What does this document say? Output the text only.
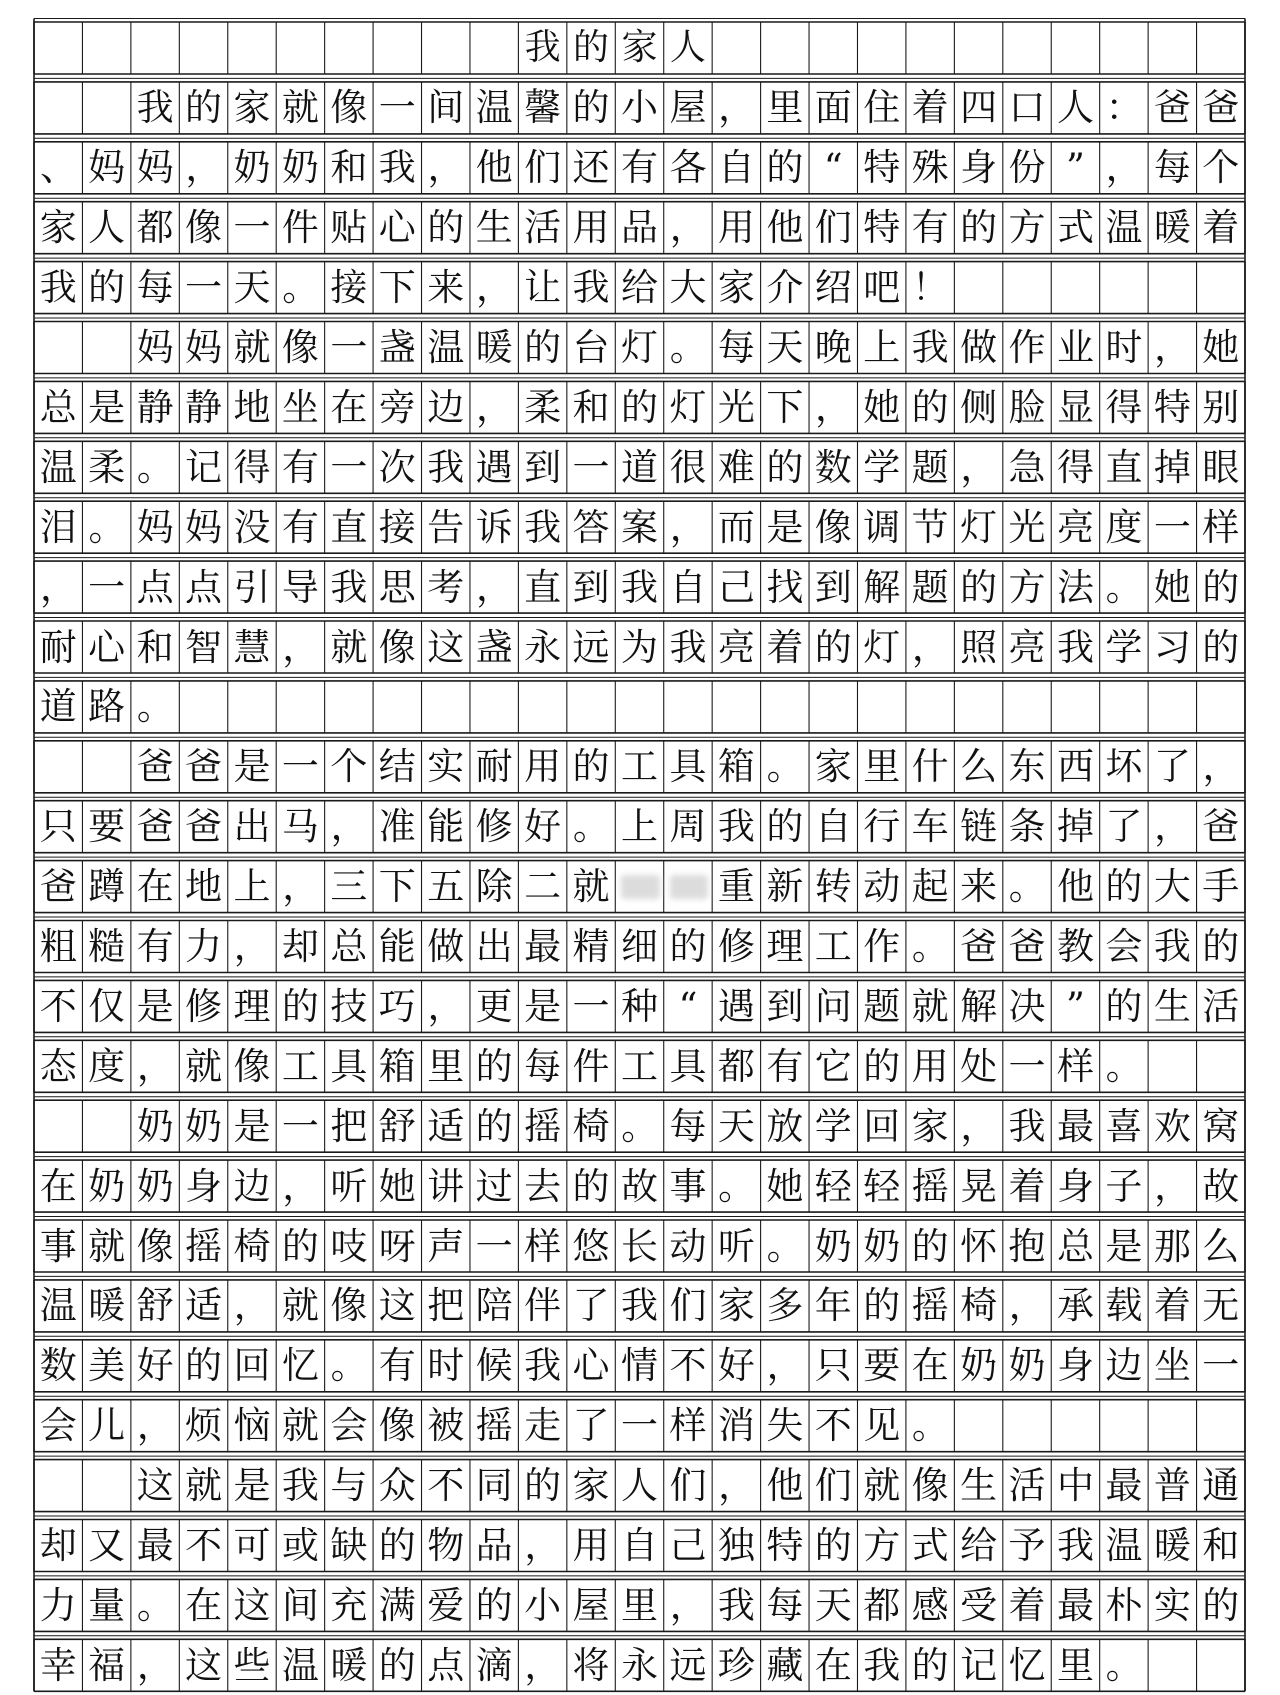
我 的 家 人
我 的 家 就 像 一 间 温 馨 的 小 屋 ， 里 面 住 着 四 口 人 ： 爸 爸
、 妈 妈 ， 奶 奶 和 我 ， 他 们 还 有 各 自 的 “ 特 殊 身 份 ” ， 每 个
家 人 都 像 一 件 贴 心 的 生 活 用 品 ， 用 他 们 特 有 的 方 式 温 暖 着
我 的 每 一 天 。 接 下 来 ， 让 我 给 大 家 介 绍 吧 ！
妈 妈 就 像 一 盏 温 暖 的 台 灯 。 每 天 晚 上 我 做 作 业 时 ， 她
总 是 静 静 地 坐 在 旁 边 ， 柔 和 的 灯 光 下 ， 她 的 侧 脸 显 得 特 别
温 柔 。 记 得 有 一 次 我 遇 到 一 道 很 难 的 数 学 题 ， 急 得 直 掉 眼
泪 。 妈 妈 没 有 直 接 告 诉 我 答 案 ， 而 是 像 调 节 灯 光 亮 度 一 样
， 一 点 点 引 导 我 思 考 ， 直 到 我 自 己 找 到 解 题 的 方 法 。 她 的
耐 心 和 智 慧 ， 就 像 这 盏 永 远 为 我 亮 着 的 灯 ， 照 亮 我 学 习 的
道 路 。
爸 爸 是 一 个 结 实 耐 用 的 工 具 箱 。 家 里 什 么 东 西 坏 了 ，
只 要 爸 爸 出 马 ， 准 能 修 好 。 上 周 我 的 自 行 车 链 条 掉 了 ， 爸
爸 蹲 在 地 上 ， 三 下 五 除 二 就	重 新 转 动 起 来 。 他 的 大 手
粗 糙 有 力 ， 却 总 能 做 出 最 精 细 的 修 理 工 作 。 爸 爸 教 会 我 的
不 仅 是 修 理 的 技 巧 ， 更 是 一 种 “ 遇 到 问 题 就 解 决 ” 的 生 活
态 度 ， 就 像 工 具 箱 里 的 每 件 工 具 都 有 它 的 用 处 一 样 。
奶 奶 是 一 把 舒 适 的 摇 椅 。 每 天 放 学 回 家 ， 我 最 喜 欢 窝
在 奶 奶 身 边 ， 听 她 讲 过 去 的 故 事 。 她 轻 轻 摇 晃 着 身 子 ， 故
事 就 像 摇 椅 的 吱 呀 声 一 样 悠 长 动 听 。 奶 奶 的 怀 抱 总 是 那 么
温 暖 舒 适 ， 就 像 这 把 陪 伴 了 我 们 家 多 年 的 摇 椅 ， 承 载 着 无
数 美 好 的 回 忆 。 有 时 候 我 心 情 不 好 ， 只 要 在 奶 奶 身 边 坐 一
会 儿 ， 烦 恼 就 会 像 被 摇 走 了 一 样 消 失 不 见 。
这 就 是 我 与 众 不 同 的 家 人 们 ， 他 们 就 像 生 活 中 最 普 通
却 又 最 不 可 或 缺 的 物 品 ， 用 自 己 独 特 的 方 式 给 予 我 温 暖 和
力 量 。 在 这 间 充 满 爱 的 小 屋 里 ， 我 每 天 都 感 受 着 最 朴 实 的
幸 福 ， 这 些 温 暖 的 点 滴 ， 将 永 远 珍 藏 在 我 的 记 忆 里 。
